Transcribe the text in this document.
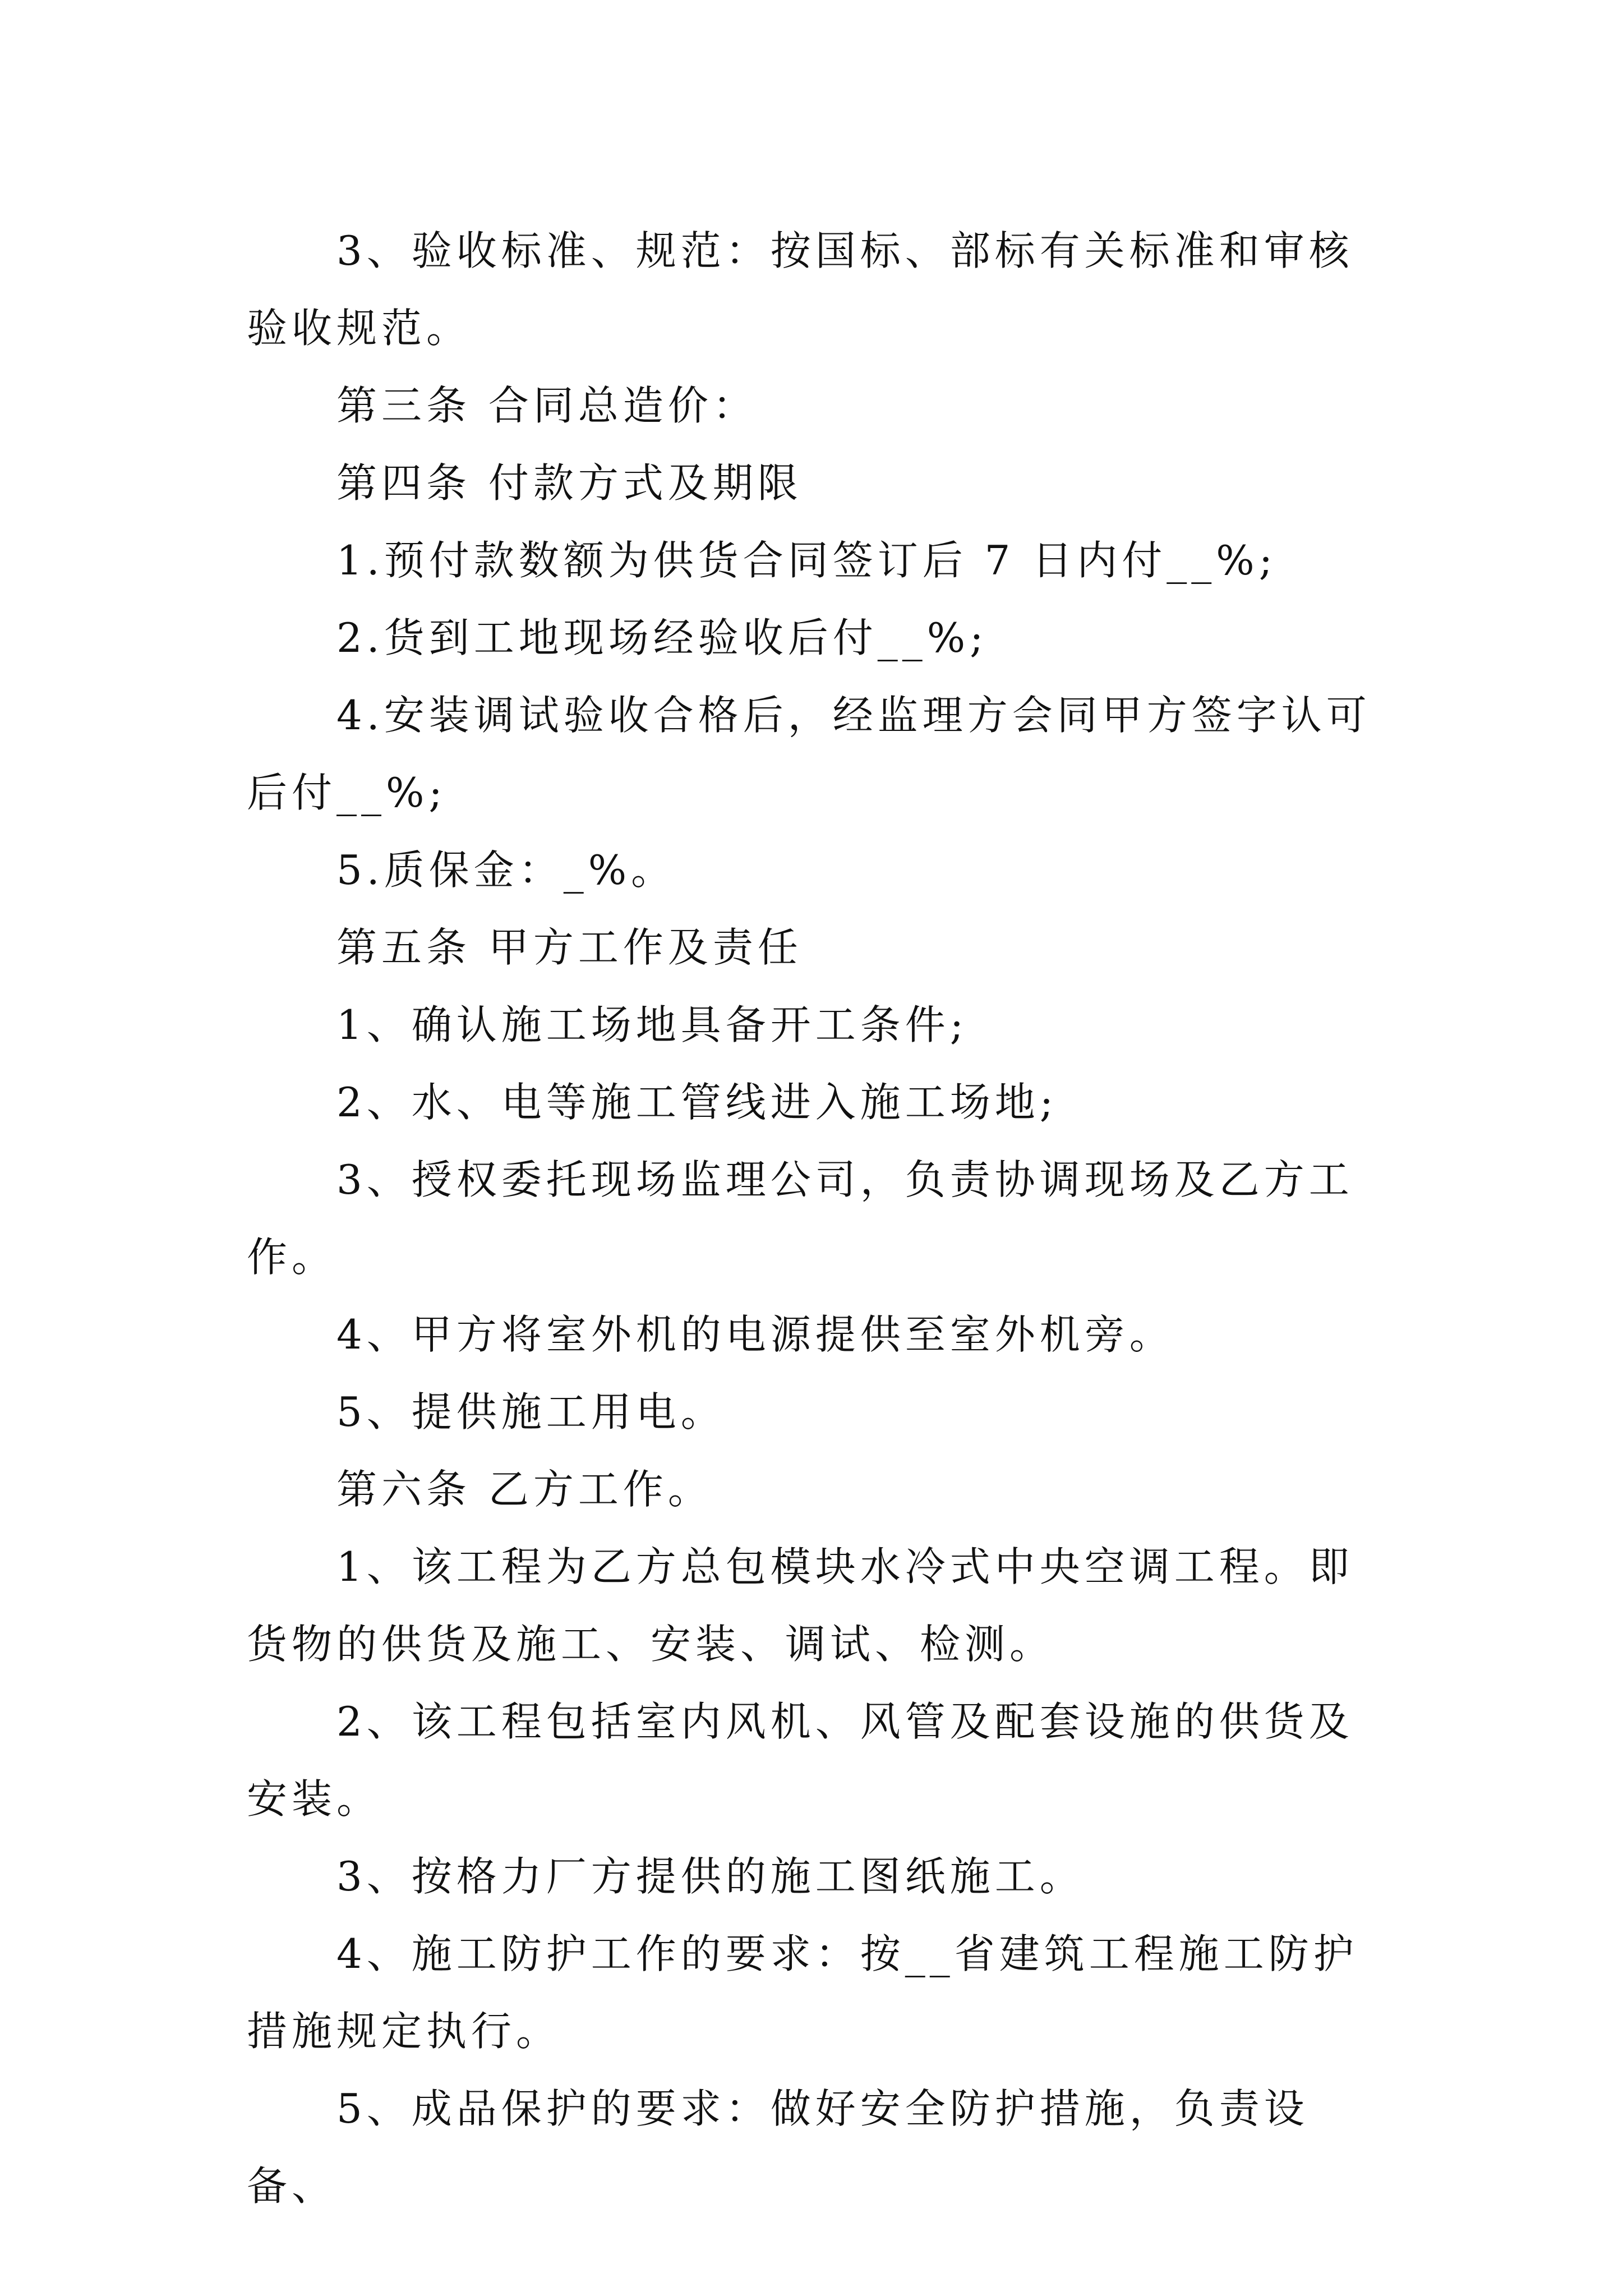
3、验收标准、规范：按国标、部标有关标准和审核验收规范。

第三条 合同总造价：

第四条 付款方式及期限

1.预付款数额为供货合同签订后 7 日内付__%;

2.货到工地现场经验收后付__%;

4.安装调试验收合格后，经监理方会同甲方签字认可后付__%;

5.质保金：_%。

第五条 甲方工作及责任

1、确认施工场地具备开工条件;

2、水、电等施工管线进入施工场地;

3、授权委托现场监理公司，负责协调现场及乙方工作。

4、甲方将室外机的电源提供至室外机旁。

5、提供施工用电。

第六条 乙方工作。

1、该工程为乙方总包模块水冷式中央空调工程。即货物的供货及施工、安装、调试、检测。

2、该工程包括室内风机、风管及配套设施的供货及安装。

3、按格力厂方提供的施工图纸施工。

4、施工防护工作的要求：按__省建筑工程施工防护措施规定执行。

5、成品保护的要求：做好安全防护措施，负责设备、
